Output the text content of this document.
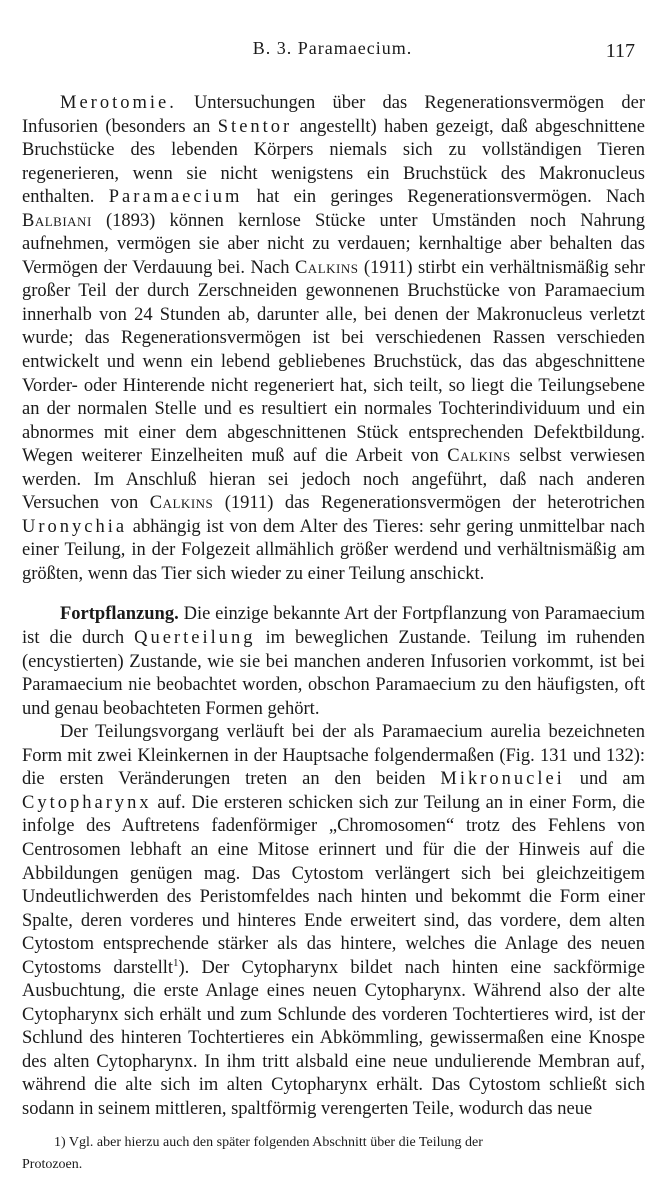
B. 3. Paramaecium.	117

Merotomie. Untersuchungen über das Regenerationsvermögen der Infusorien (besonders an Stentor angestellt) haben gezeigt, daß abgeschnittene Bruchstücke des lebenden Körpers niemals sich zu vollständigen Tieren regenerieren, wenn sie nicht wenigstens ein Bruchstück des Makronucleus enthalten. Paramaecium hat ein geringes Regenerationsvermögen. Nach Balbiani (1893) können kernlose Stücke unter Umständen noch Nahrung aufnehmen, vermögen sie aber nicht zu verdauen; kernhaltige aber behalten das Vermögen der Verdauung bei. Nach Calkins (1911) stirbt ein verhältnismäßig sehr großer Teil der durch Zerschneiden gewonnenen Bruchstücke von Paramaecium innerhalb von 24 Stunden ab, darunter alle, bei denen der Makronucleus verletzt wurde; das Regenerationsvermögen ist bei verschiedenen Rassen verschieden entwickelt und wenn ein lebend gebliebenes Bruchstück, das das abgeschnittene Vorder- oder Hinterende nicht regeneriert hat, sich teilt, so liegt die Teilungsebene an der normalen Stelle und es resultiert ein normales Tochterindividuum und ein abnormes mit einer dem abgeschnittenen Stück entsprechenden Defektbildung. Wegen weiterer Einzelheiten muß auf die Arbeit von Calkins selbst verwiesen werden. Im Anschluß hieran sei jedoch noch angeführt, daß nach anderen Versuchen von Calkins (1911) das Regenerationsvermögen der heterotrichen Uronychia abhängig ist von dem Alter des Tieres: sehr gering unmittelbar nach einer Teilung, in der Folgezeit allmählich größer werdend und verhältnismäßig am größten, wenn das Tier sich wieder zu einer Teilung anschickt.

Fortpflanzung. Die einzige bekannte Art der Fortpflanzung von Paramaecium ist die durch Querteilung im beweglichen Zustande. Teilung im ruhenden (encystierten) Zustande, wie sie bei manchen anderen Infusorien vorkommt, ist bei Paramaecium nie beobachtet worden, obschon Paramaecium zu den häufigsten, oft und genau beobachteten Formen gehört.

Der Teilungsvorgang verläuft bei der als Paramaecium aurelia bezeichneten Form mit zwei Kleinkernen in der Hauptsache folgendermaßen (Fig. 131 und 132): die ersten Veränderungen treten an den beiden Mikronuclei und am Cytopharynx auf. Die ersteren schicken sich zur Teilung an in einer Form, die infolge des Auftretens fadenförmiger „Chromosomen“ trotz des Fehlens von Centrosomen lebhaft an eine Mitose erinnert und für die der Hinweis auf die Abbildungen genügen mag. Das Cytostom verlängert sich bei gleichzeitigem Undeutlichwerden des Peristomfeldes nach hinten und bekommt die Form einer Spalte, deren vorderes und hinteres Ende erweitert sind, das vordere, dem alten Cytostom entsprechende stärker als das hintere, welches die Anlage des neuen Cytostoms darstellt$^1$). Der Cytopharynx bildet nach hinten eine sackförmige Ausbuchtung, die erste Anlage eines neuen Cytopharynx. Während also der alte Cytopharynx sich erhält und zum Schlunde des vorderen Tochtertieres wird, ist der Schlund des hinteren Tochtertieres ein Abkömmling, gewissermaßen eine Knospe des alten Cytopharynx. In ihm tritt alsbald eine neue undulierende Membran auf, während die alte sich im alten Cytopharynx erhält. Das Cytostom schließt sich sodann in seinem mittleren, spaltförmig verengerten Teile, wodurch das neue

1) Vgl. aber hierzu auch den später folgenden Abschnitt über die Teilung der
Protozoen.
